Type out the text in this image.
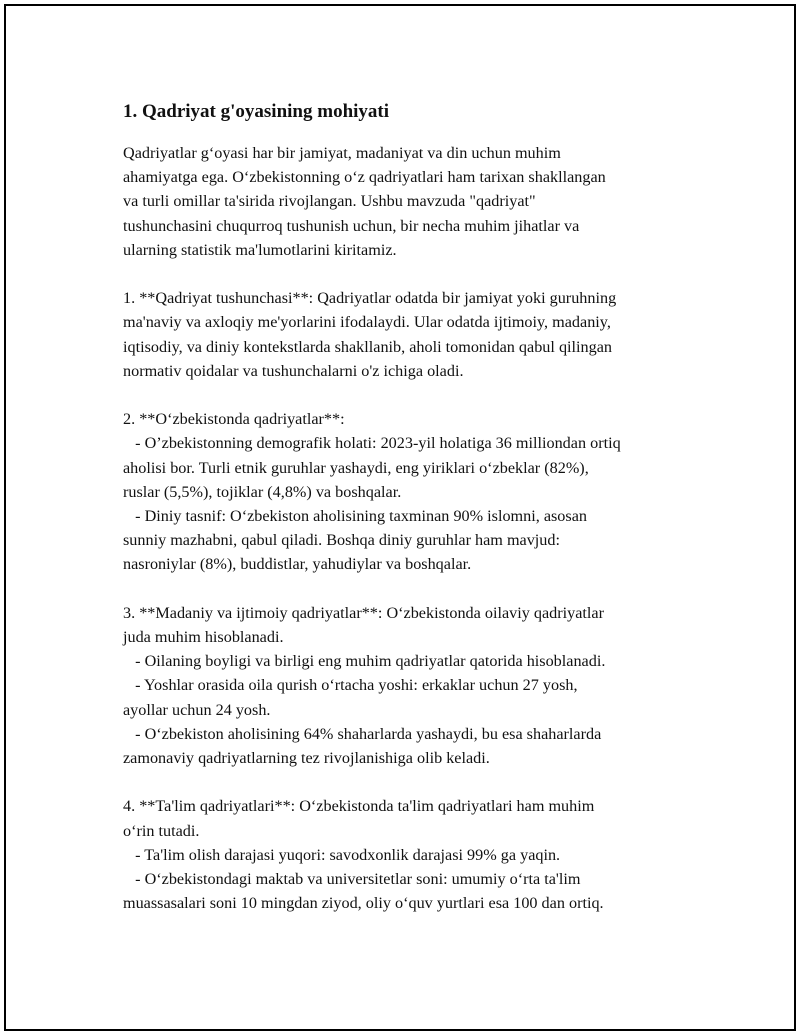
1. Qadriyat g'oyasining mohiyati
Qadriyatlar g‘oyasi har bir jamiyat, madaniyat va din uchun muhim
ahamiyatga ega. O‘zbekistonning o‘z qadriyatlari ham tarixan shakllangan
va turli omillar ta'sirida rivojlangan. Ushbu mavzuda "qadriyat"
tushunchasini chuqurroq tushunish uchun, bir necha muhim jihatlar va
ularning statistik ma'lumotlarini kiritamiz.
1. **Qadriyat tushunchasi**: Qadriyatlar odatda bir jamiyat yoki guruhning
ma'naviy va axloqiy me'yorlarini ifodalaydi. Ular odatda ijtimoiy, madaniy,
iqtisodiy, va diniy kontekstlarda shakllanib, aholi tomonidan qabul qilingan
normativ qoidalar va tushunchalarni o'z ichiga oladi.
2. **O‘zbekistonda qadriyatlar**:
- O’zbekistonning demografik holati: 2023-yil holatiga 36 milliondan ortiq
aholisi bor. Turli etnik guruhlar yashaydi, eng yiriklari o‘zbeklar (82%),
ruslar (5,5%), tojiklar (4,8%) va boshqalar.
- Diniy tasnif: O‘zbekiston aholisining taxminan 90% islomni, asosan
sunniy mazhabni, qabul qiladi. Boshqa diniy guruhlar ham mavjud:
nasroniylar (8%), buddistlar, yahudiylar va boshqalar.
3. **Madaniy va ijtimoiy qadriyatlar**: O‘zbekistonda oilaviy qadriyatlar
juda muhim hisoblanadi.
- Oilaning boyligi va birligi eng muhim qadriyatlar qatorida hisoblanadi.
- Yoshlar orasida oila qurish o‘rtacha yoshi: erkaklar uchun 27 yosh,
ayollar uchun 24 yosh.
- O‘zbekiston aholisining 64% shaharlarda yashaydi, bu esa shaharlarda
zamonaviy qadriyatlarning tez rivojlanishiga olib keladi.
4. **Ta'lim qadriyatlari**: O‘zbekistonda ta'lim qadriyatlari ham muhim
o‘rin tutadi.
- Ta'lim olish darajasi yuqori: savodxonlik darajasi 99% ga yaqin.
- O‘zbekistondagi maktab va universitetlar soni: umumiy o‘rta ta'lim
muassasalari soni 10 mingdan ziyod, oliy o‘quv yurtlari esa 100 dan ortiq.
